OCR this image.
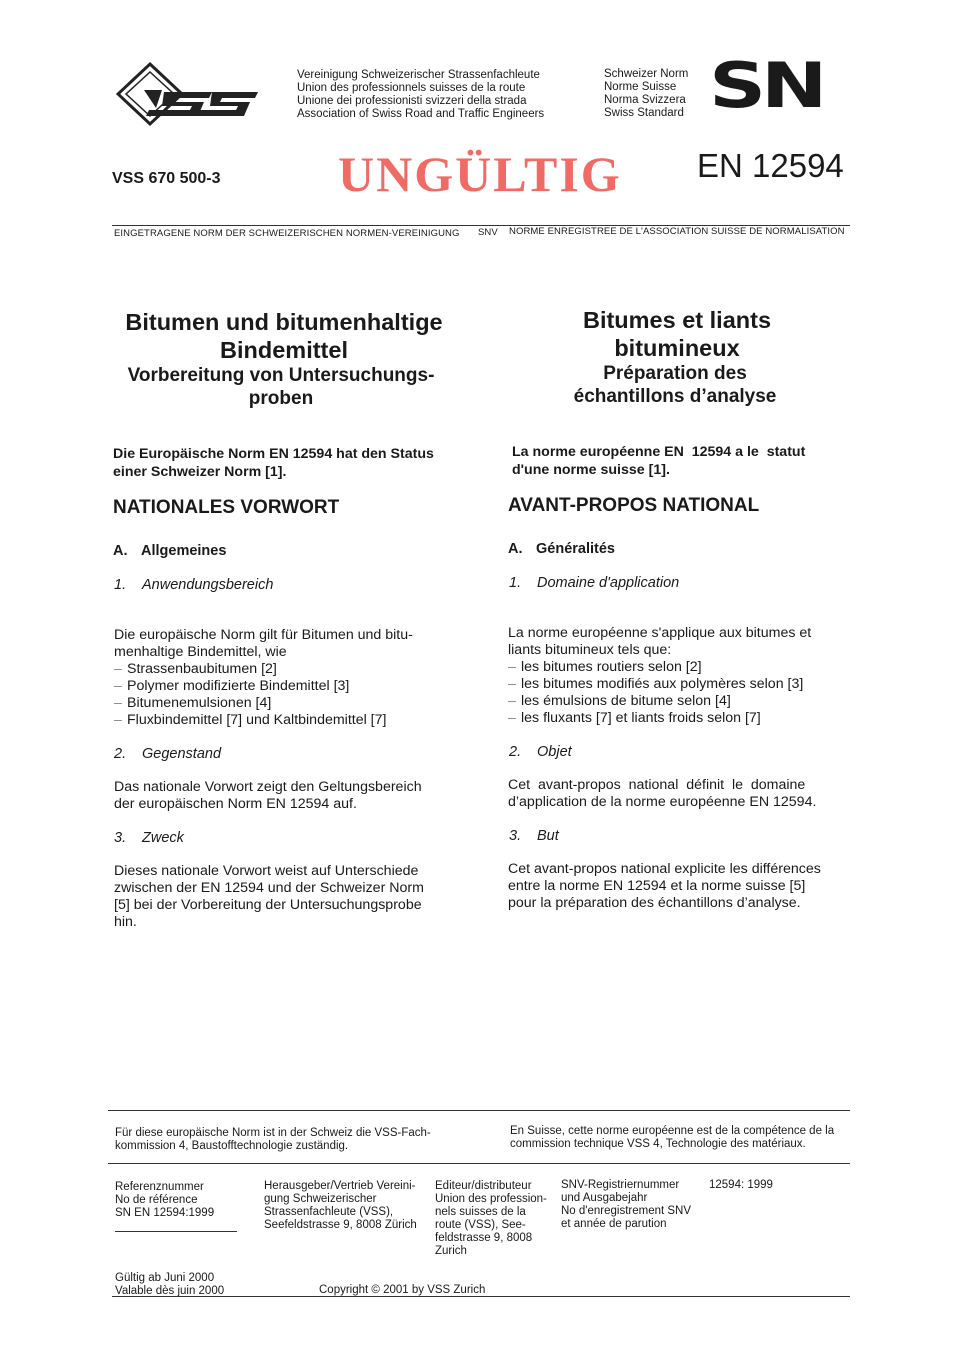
Vereinigung Schweizerischer Strassenfachleute
Union des professionnels suisses de la route
Unione dei professionisti svizzeri della strada
Association of Swiss Road and Traffic Engineers
Schweizer Norm
Norme Suisse
Norma Svizzera
Swiss Standard SN
VSS 670 500-3 UNGÜLTIG EN 12594
EINGETRAGENE NORM DER SCHWEIZERISCHEN NORMEN-VEREINIGUNG SNV NORME ENREGISTREE DE L'ASSOCIATION SUISSE DE NORMALISATION
Bitumen und bitumenhaltige
Bindemittel
Vorbereitung von Untersuchungs-
proben
Die Europäische Norm EN 12594 hat den Status
einer Schweizer Norm [1].
NATIONALES VORWORT
A. Allgemeines
1. Anwendungsbereich
Die europäische Norm gilt für Bitumen und bitu-
menhaltige Bindemittel, wie
– Strassenbaubitumen [2]
– Polymer modifizierte Bindemittel [3]
– Bitumenemulsionen [4]
– Fluxbindemittel [7] und Kaltbindemittel [7]
2. Gegenstand
Das nationale Vorwort zeigt den Geltungsbereich
der europäischen Norm EN 12594 auf.
3. Zweck
Dieses nationale Vorwort weist auf Unterschiede
zwischen der EN 12594 und der Schweizer Norm
[5] bei der Vorbereitung der Untersuchungsprobe
hin.
Bitumes et liants
bitumineux
Préparation des
échantillons d’analyse
La norme européenne EN  12594 a le  statut
d'une norme suisse [1].
AVANT-PROPOS NATIONAL
A. Généralités
1. Domaine d'application
La norme européenne s'applique aux bitumes et
liants bitumineux tels que:
– les bitumes routiers selon [2]
– les bitumes modifiés aux polymères selon [3]
– les émulsions de bitume selon [4]
– les fluxants [7] et liants froids selon [7]
2. Objet
Cet  avant-propos  national  définit  le  domaine
d’application de la norme européenne EN 12594.
3. But
Cet avant-propos national explicite les différences
entre la norme EN 12594 et la norme suisse [5]
pour la préparation des échantillons d’analyse.
Für diese europäische Norm ist in der Schweiz die VSS-Fach-
kommission 4, Baustofftechnologie zuständig.
En Suisse, cette norme européenne est de la compétence de la
commission technique VSS 4, Technologie des matériaux.
Referenznummer
No de référence
SN EN 12594:1999
Herausgeber/Vertrieb Vereini-
gung Schweizerischer
Strassenfachleute (VSS),
Seefeldstrasse 9, 8008 Zürich
Editeur/distributeur
Union des profession-
nels suisses de la
route (VSS), See-
feldstrasse 9, 8008
Zurich
SNV-Registriernummer
und Ausgabejahr
No d'enregistrement SNV
et année de parution
12594: 1999
Gültig ab Juni 2000
Valable dès juin 2000	Copyright © 2001 by VSS Zurich
